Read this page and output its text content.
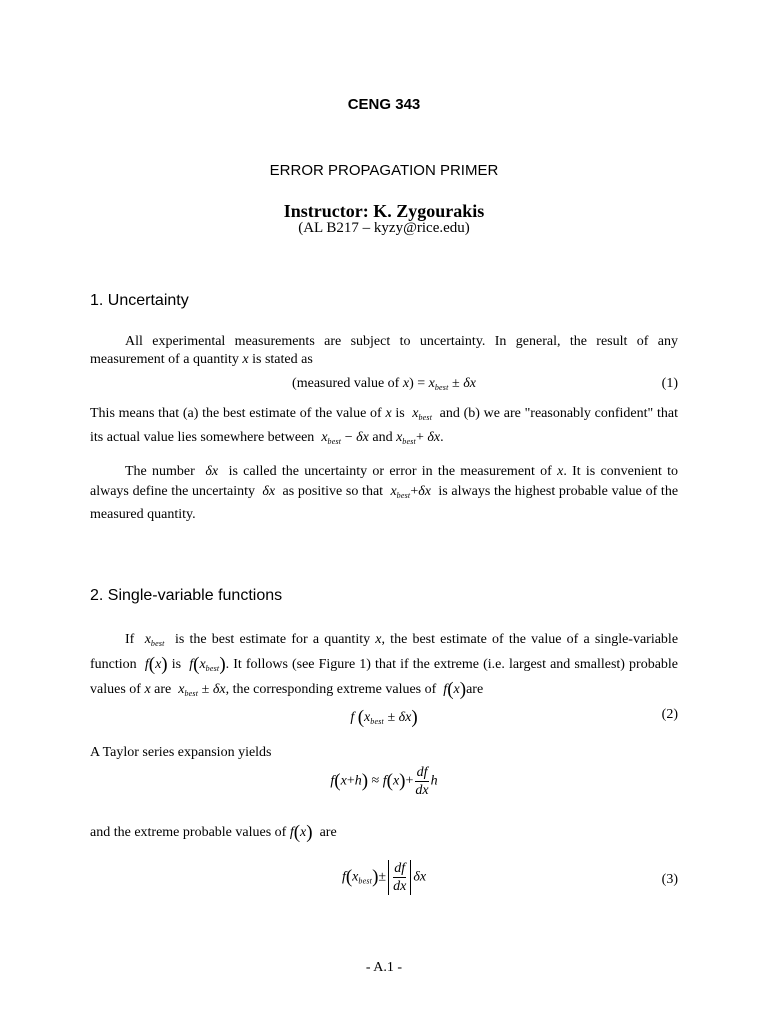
CENG 343
ERROR PROPAGATION PRIMER
Instructor: K. Zygourakis
(AL B217 – kyzy@rice.edu)
1. Uncertainty
All experimental measurements are subject to uncertainty. In general, the result of any
measurement of a quantity x is stated as
(measured value of $x) = x_{best} \pm \delta x$	(1)
This means that (a) the best estimate of the value of x is  $x_{best}$  and (b) we are "reasonably confident" that its actual value lies somewhere between  $x_{best} - \delta x$ and $x_{best}+ \delta x$.
The number  δx  is called the uncertainty or error in the measurement of x. It is convenient to always define the uncertainty  δx  as positive so that  $x_{best}+\delta x$  is always the highest probable value of the measured quantity.
2. Single-variable functions
If  $x_{best}$  is the best estimate for a quantity x, the best estimate of the value of a single-variable function  f(x) is  $f(x_{best})$. It follows (see Figure 1) that if the extreme (i.e. largest and smallest) probable values of x are  $x_{best} \pm \delta x$, the corresponding extreme values of  f(x)are
f $(x_{best} \pm \delta x)$	(2)
A Taylor series expansion yields
$f(x+h) \approx f(x)+ \frac{df}{dx}$ h
and the extreme probable values of f(x)  are
$f(x_{best})\pm \frac{df}{dx}$ δx	(3)
- A.1 -
